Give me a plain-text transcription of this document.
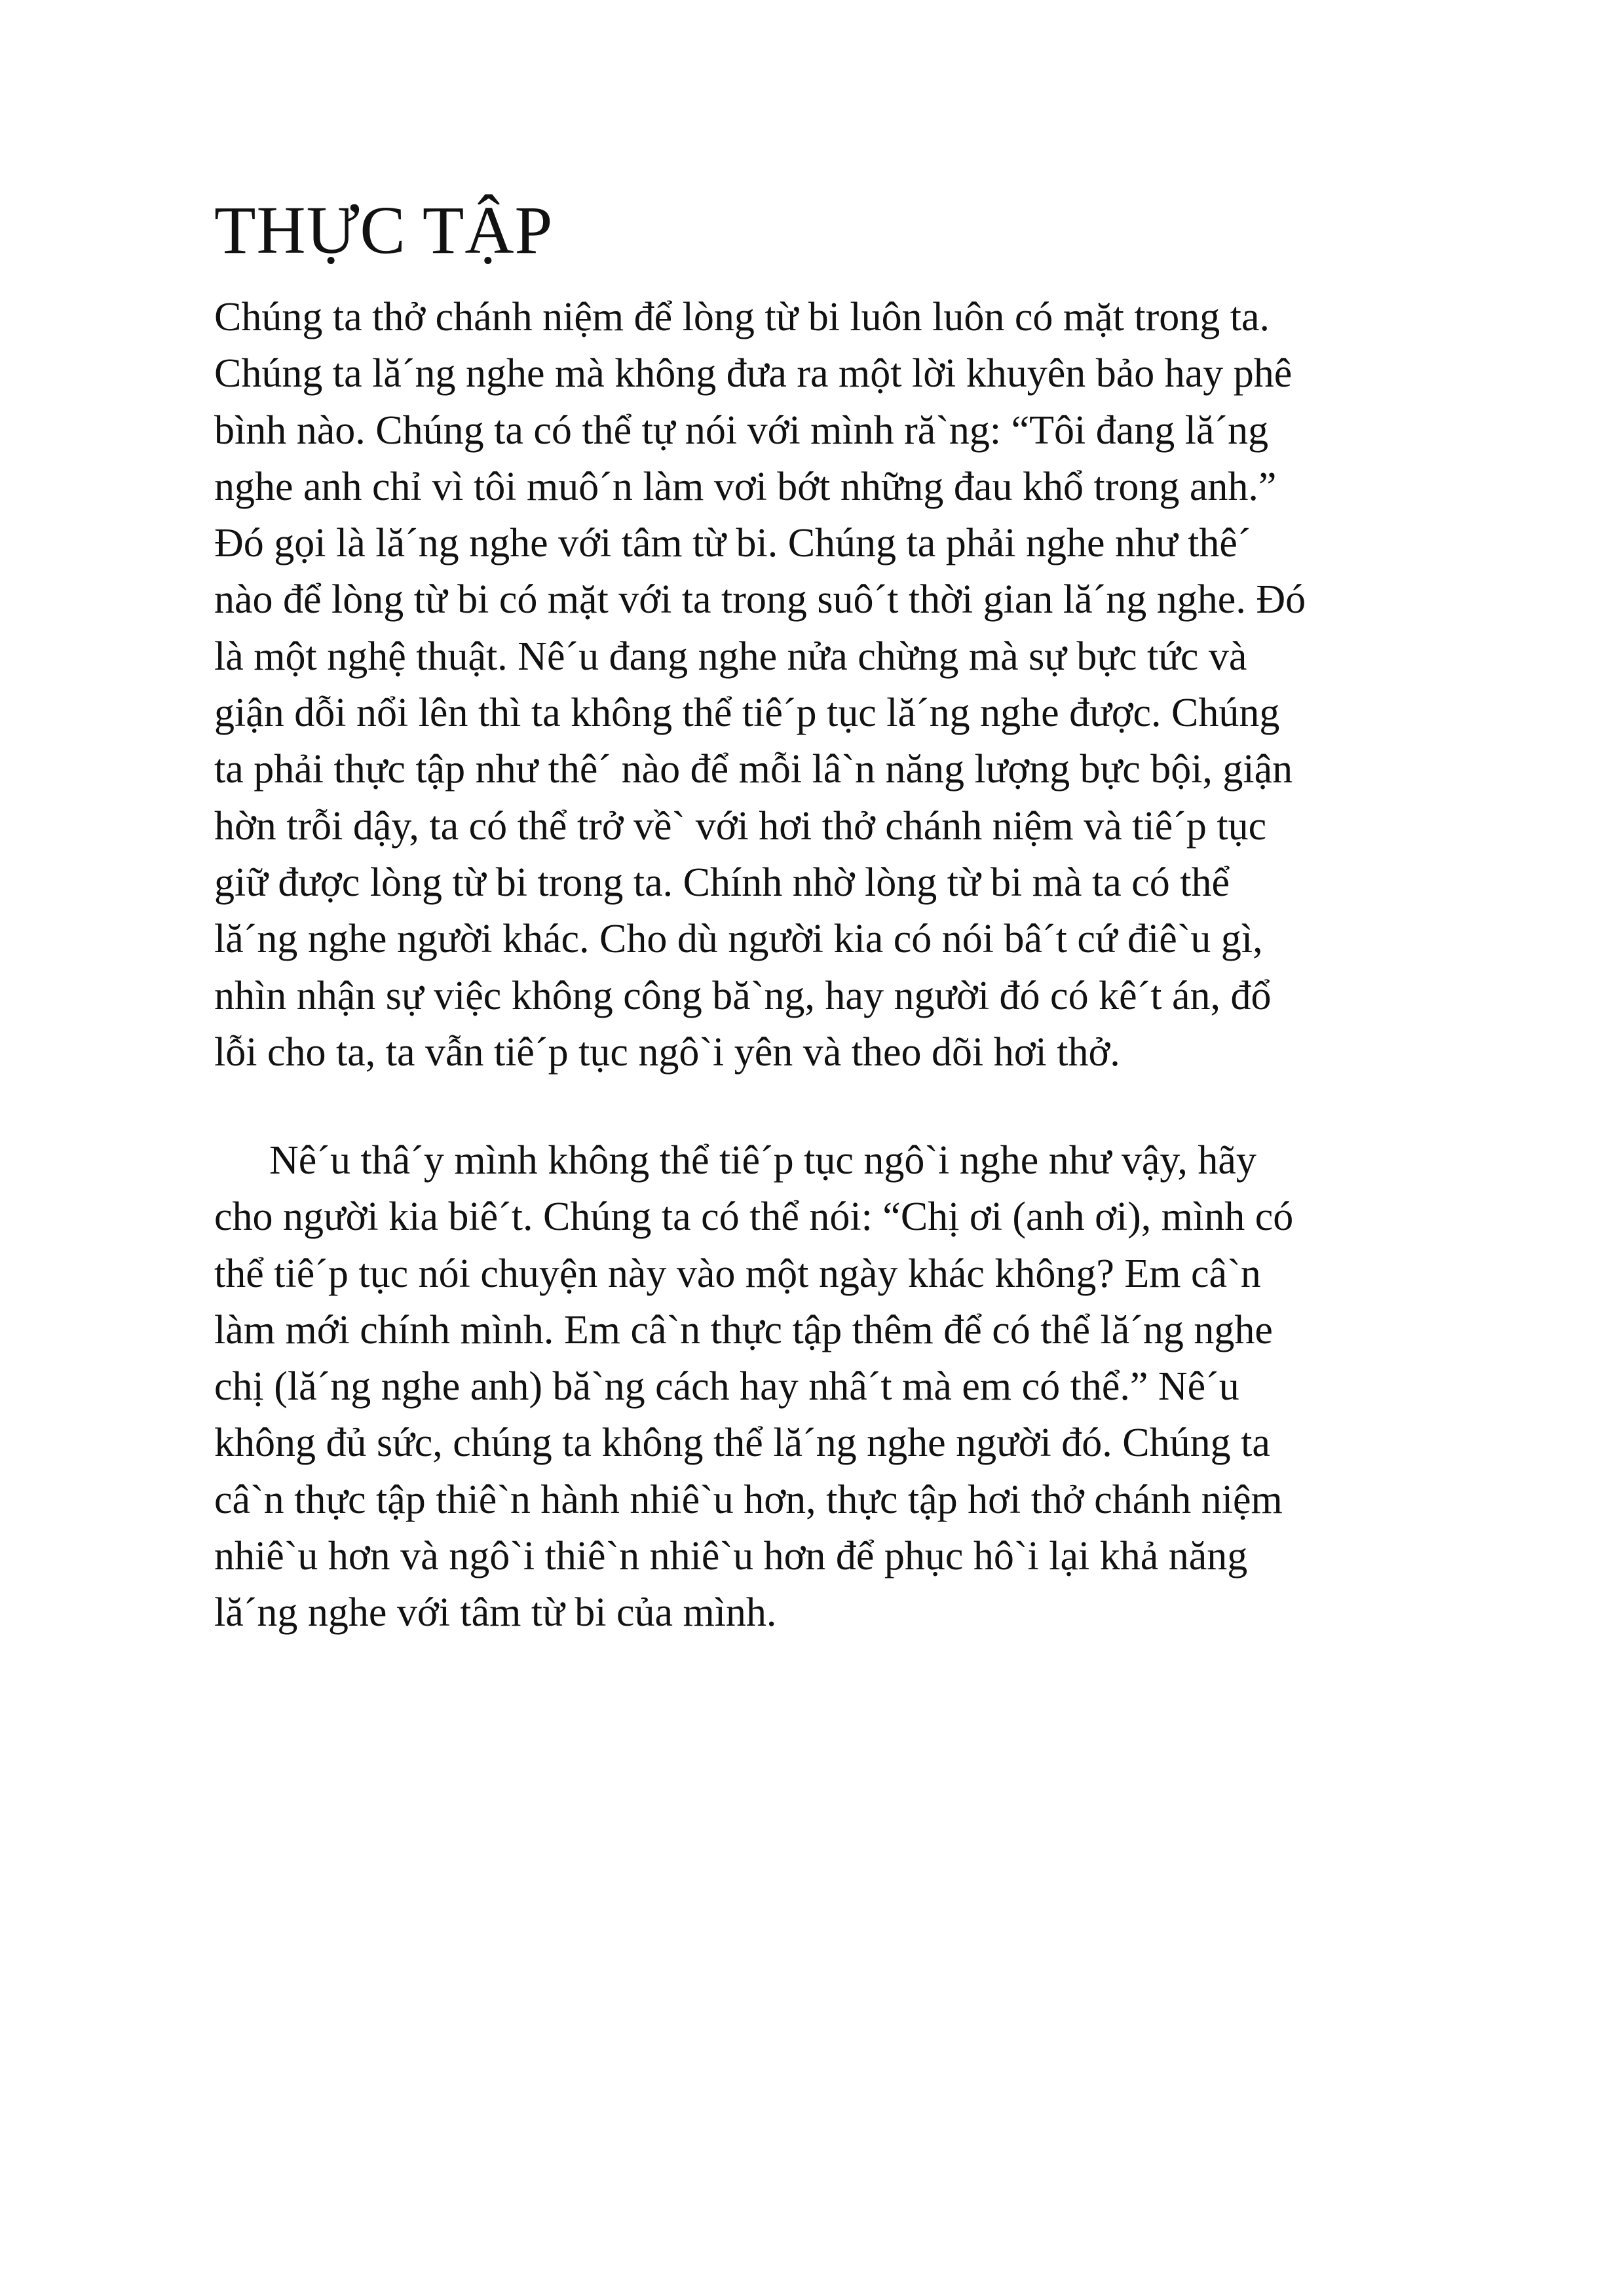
THỰC TẬP
Chúng ta thở chánh niệm để lòng từ bi luôn luôn có mặt trong ta.
Chúng ta lă´ng nghe mà không đưa ra một lời khuyên bảo hay phê
bình nào. Chúng ta có thể tự nói với mình ră`ng: “Tôi đang lă´ng
nghe anh chỉ vì tôi muô´n làm vơi bớt những đau khổ trong anh.”
Đó gọi là lă´ng nghe với tâm từ bi. Chúng ta phải nghe như thê´
nào để lòng từ bi có mặt với ta trong suô´t thời gian lă´ng nghe. Đó
là một nghệ thuật. Nê´u đang nghe nửa chừng mà sự bực tức và
giận dỗi nổi lên thì ta không thể tiê´p tục lă´ng nghe được. Chúng
ta phải thực tập như thê´ nào để mỗi lâ`n năng lượng bực bội, giận
hờn trỗi dậy, ta có thể trở về` với hơi thở chánh niệm và tiê´p tục
giữ được lòng từ bi trong ta. Chính nhờ lòng từ bi mà ta có thể
lă´ng nghe người khác. Cho dù người kia có nói bâ´t cứ điê`u gì,
nhìn nhận sự việc không công bă`ng, hay người đó có kê´t án, đổ
lỗi cho ta, ta vẫn tiê´p tục ngô`i yên và theo dõi hơi thở.
Nê´u thâ´y mình không thể tiê´p tục ngô`i nghe như vậy, hãy
cho người kia biê´t. Chúng ta có thể nói: “Chị ơi (anh ơi), mình có
thể tiê´p tục nói chuyện này vào một ngày khác không? Em câ`n
làm mới chính mình. Em câ`n thực tập thêm để có thể lă´ng nghe
chị (lă´ng nghe anh) bă`ng cách hay nhâ´t mà em có thể.” Nê´u
không đủ sức, chúng ta không thể lă´ng nghe người đó. Chúng ta
câ`n thực tập thiê`n hành nhiê`u hơn, thực tập hơi thở chánh niệm
nhiê`u hơn và ngô`i thiê`n nhiê`u hơn để phục hô`i lại khả năng
lă´ng nghe với tâm từ bi của mình.
